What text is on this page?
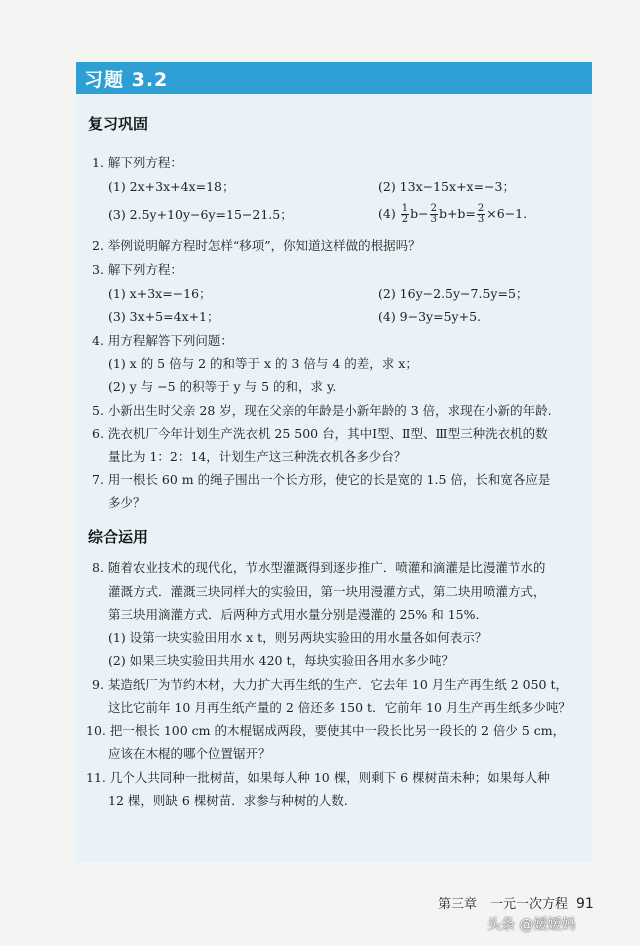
习题 3.2
复习巩固
1. 解下列方程：
(1) 2x+3x+4x=18；	(2) 13x−15x+x=−3；
(3) 2.5y+10y−6y=15−21.5；	$(4) \frac{1}{2} b- \frac{2}{3} b+b= \frac{2}{3} \times 6-1$.
2. 举例说明解方程时怎样“移项”，你知道这样做的根据吗？
3. 解下列方程：
(1) x+3x=−16；	(2) 16y−2.5y−7.5y=5；
(3) 3x+5=4x+1；	(4) 9−3y=5y+5.
4. 用方程解答下列问题：
(1) x 的 5 倍与 2 的和等于 x 的 3 倍与 4 的差，求 x；
(2) y 与 −5 的积等于 y 与 5 的和，求 y.
5. 小新出生时父亲 28 岁，现在父亲的年龄是小新年龄的 3 倍，求现在小新的年龄.
6. 洗衣机厂今年计划生产洗衣机 25 500 台，其中Ⅰ型、Ⅱ型、Ⅲ型三种洗衣机的数
量比为 1：2：14，计划生产这三种洗衣机各多少台？
7. 用一根长 60 m 的绳子围出一个长方形，使它的长是宽的 1.5 倍，长和宽各应是
多少？
综合运用
8. 随着农业技术的现代化，节水型灌溉得到逐步推广．喷灌和滴灌是比漫灌节水的
灌溉方式．灌溉三块同样大的实验田，第一块用漫灌方式，第二块用喷灌方式，
第三块用滴灌方式．后两种方式用水量分别是漫灌的 25% 和 15%.
(1) 设第一块实验田用水 x t，则另两块实验田的用水量各如何表示？
(2) 如果三块实验田共用水 420 t，每块实验田各用水多少吨？
9. 某造纸厂为节约木材，大力扩大再生纸的生产．它去年 10 月生产再生纸 2 050 t，
这比它前年 10 月再生纸产量的 2 倍还多 150 t．它前年 10 月生产再生纸多少吨？
10. 把一根长 100 cm 的木棍锯成两段，要使其中一段长比另一段长的 2 倍少 5 cm，
应该在木棍的哪个位置锯开？
11. 几个人共同种一批树苗，如果每人种 10 棵，则剩下 6 棵树苗未种；如果每人种
12 棵，则缺 6 棵树苗．求参与种树的人数.
第三章　一元一次方程 91
头条 @嫒嫒妈
